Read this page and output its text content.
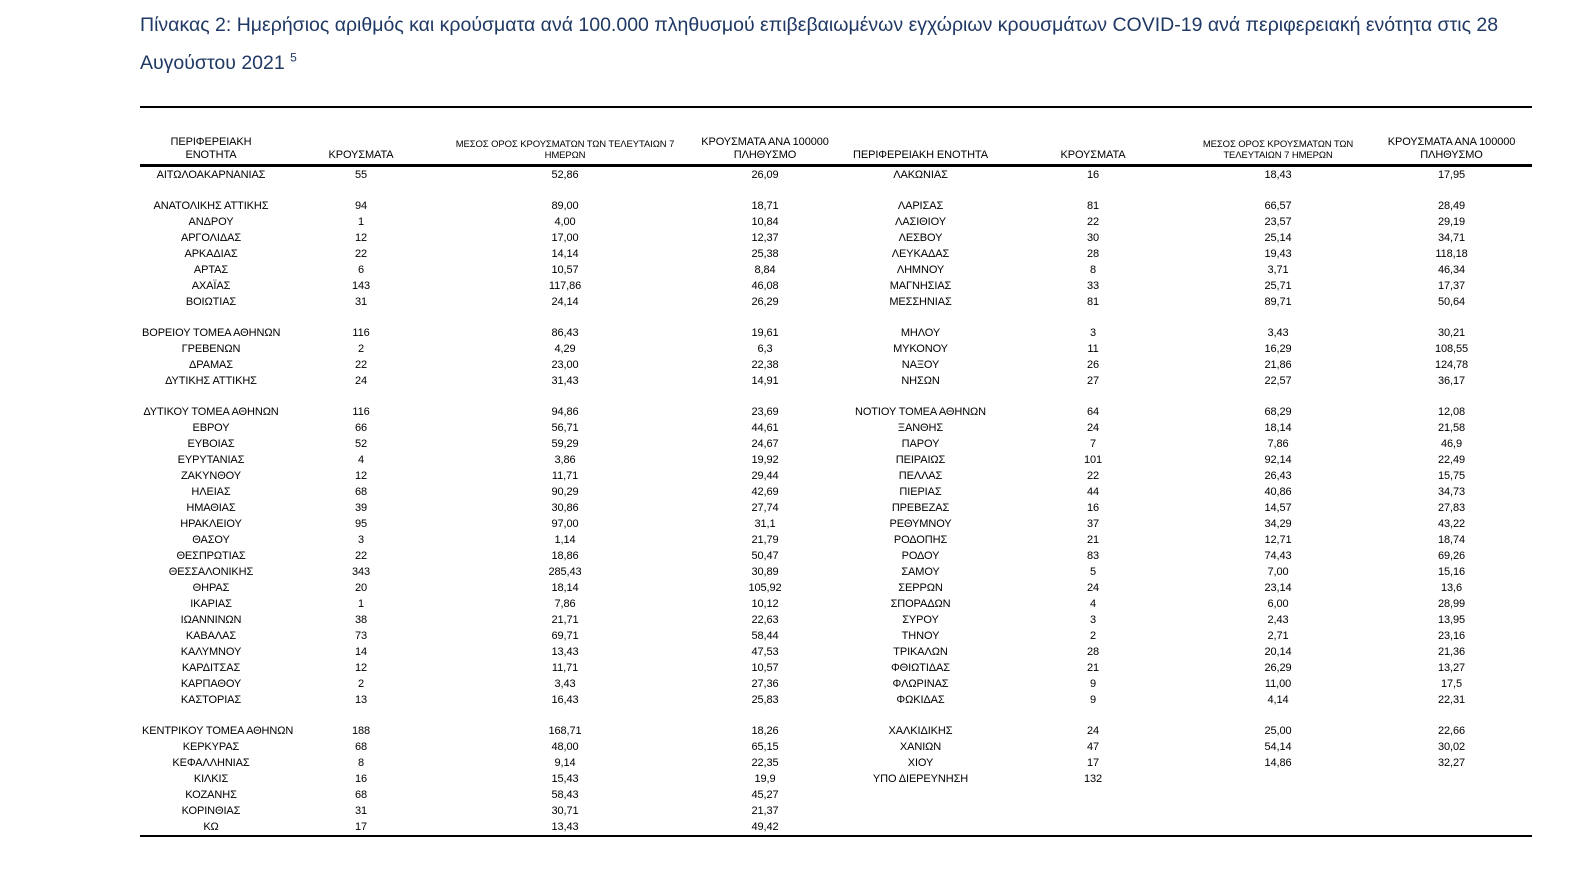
Πίνακας 2: Ημερήσιος αριθμός και κρούσματα ανά 100.000 πληθυσμού επιβεβαιωμένων εγχώριων κρουσμάτων COVID-19 ανά περιφερειακή ενότητα στις 28 Αυγούστου 2021 $^5$
ΠΕΡΙΦΕΡΕΙΑΚΗ ΕΝΟΤΗΤΑ	ΚΡΟΥΣΜΑΤΑ	ΜΕΣΟΣ ΟΡΟΣ ΚΡΟΥΣΜΑΤΩΝ ΤΩΝ ΤΕΛΕΥΤΑΙΩΝ 7 ΗΜΕΡΩΝ	ΚΡΟΥΣΜΑΤΑ ΑΝΑ 100000 ΠΛΗΘΥΣΜΟ	ΠΕΡΙΦΕΡΕΙΑΚΗ ΕΝΟΤΗΤΑ	ΚΡΟΥΣΜΑΤΑ	ΜΕΣΟΣ ΟΡΟΣ ΚΡΟΥΣΜΑΤΩΝ ΤΩΝ ΤΕΛΕΥΤΑΙΩΝ 7 ΗΜΕΡΩΝ	ΚΡΟΥΣΜΑΤΑ ΑΝΑ 100000 ΠΛΗΘΥΣΜΟ
ΑΙΤΩΛΟΑΚΑΡΝΑΝΙΑΣ	55	52,86	26,09	ΛΑΚΩΝΙΑΣ	16	18,43	17,95

ΑΝΑΤΟΛΙΚΗΣ ΑΤΤΙΚΗΣ	94	89,00	18,71	ΛΑΡΙΣΑΣ	81	66,57	28,49
ΑΝΔΡΟΥ	1	4,00	10,84	ΛΑΣΙΘΙΟΥ	22	23,57	29,19
ΑΡΓΟΛΙΔΑΣ	12	17,00	12,37	ΛΕΣΒΟΥ	30	25,14	34,71
ΑΡΚΑΔΙΑΣ	22	14,14	25,38	ΛΕΥΚΑΔΑΣ	28	19,43	118,18
ΑΡΤΑΣ	6	10,57	8,84	ΛΗΜΝΟΥ	8	3,71	46,34
ΑΧΑΪΑΣ	143	117,86	46,08	ΜΑΓΝΗΣΙΑΣ	33	25,71	17,37
ΒΟΙΩΤΙΑΣ	31	24,14	26,29	ΜΕΣΣΗΝΙΑΣ	81	89,71	50,64

ΒΟΡΕΙΟΥ ΤΟΜΕΑ ΑΘΗΝΩΝ	116	86,43	19,61	ΜΗΛΟΥ	3	3,43	30,21
ΓΡΕΒΕΝΩΝ	2	4,29	6,3	ΜΥΚΟΝΟΥ	11	16,29	108,55
ΔΡΑΜΑΣ	22	23,00	22,38	ΝΑΞΟΥ	26	21,86	124,78
ΔΥΤΙΚΗΣ ΑΤΤΙΚΗΣ	24	31,43	14,91	ΝΗΣΩΝ	27	22,57	36,17

ΔΥΤΙΚΟΥ ΤΟΜΕΑ ΑΘΗΝΩΝ	116	94,86	23,69	ΝΟΤΙΟΥ ΤΟΜΕΑ ΑΘΗΝΩΝ	64	68,29	12,08
ΕΒΡΟΥ	66	56,71	44,61	ΞΑΝΘΗΣ	24	18,14	21,58
ΕΥΒΟΙΑΣ	52	59,29	24,67	ΠΑΡΟΥ	7	7,86	46,9
ΕΥΡΥΤΑΝΙΑΣ	4	3,86	19,92	ΠΕΙΡΑΙΩΣ	101	92,14	22,49
ΖΑΚΥΝΘΟΥ	12	11,71	29,44	ΠΕΛΛΑΣ	22	26,43	15,75
ΗΛΕΙΑΣ	68	90,29	42,69	ΠΙΕΡΙΑΣ	44	40,86	34,73
ΗΜΑΘΙΑΣ	39	30,86	27,74	ΠΡΕΒΕΖΑΣ	16	14,57	27,83
ΗΡΑΚΛΕΙΟΥ	95	97,00	31,1	ΡΕΘΥΜΝΟΥ	37	34,29	43,22
ΘΑΣΟΥ	3	1,14	21,79	ΡΟΔΟΠΗΣ	21	12,71	18,74
ΘΕΣΠΡΩΤΙΑΣ	22	18,86	50,47	ΡΟΔΟΥ	83	74,43	69,26
ΘΕΣΣΑΛΟΝΙΚΗΣ	343	285,43	30,89	ΣΑΜΟΥ	5	7,00	15,16
ΘΗΡΑΣ	20	18,14	105,92	ΣΕΡΡΩΝ	24	23,14	13,6
ΙΚΑΡΙΑΣ	1	7,86	10,12	ΣΠΟΡΑΔΩΝ	4	6,00	28,99
ΙΩΑΝΝΙΝΩΝ	38	21,71	22,63	ΣΥΡΟΥ	3	2,43	13,95
ΚΑΒΑΛΑΣ	73	69,71	58,44	ΤΗΝΟΥ	2	2,71	23,16
ΚΑΛΥΜΝΟΥ	14	13,43	47,53	ΤΡΙΚΑΛΩΝ	28	20,14	21,36
ΚΑΡΔΙΤΣΑΣ	12	11,71	10,57	ΦΘΙΩΤΙΔΑΣ	21	26,29	13,27
ΚΑΡΠΑΘΟΥ	2	3,43	27,36	ΦΛΩΡΙΝΑΣ	9	11,00	17,5
ΚΑΣΤΟΡΙΑΣ	13	16,43	25,83	ΦΩΚΙΔΑΣ	9	4,14	22,31

ΚΕΝΤΡΙΚΟΥ ΤΟΜΕΑ ΑΘΗΝΩΝ	188	168,71	18,26	ΧΑΛΚΙΔΙΚΗΣ	24	25,00	22,66
ΚΕΡΚΥΡΑΣ	68	48,00	65,15	ΧΑΝΙΩΝ	47	54,14	30,02
ΚΕΦΑΛΛΗΝΙΑΣ	8	9,14	22,35	ΧΙΟΥ	17	14,86	32,27
ΚΙΛΚΙΣ	16	15,43	19,9	ΥΠΟ ΔΙΕΡΕΥΝΗΣΗ	132		
ΚΟΖΑΝΗΣ	68	58,43	45,27				
ΚΟΡΙΝΘΙΑΣ	31	30,71	21,37				
ΚΩ	17	13,43	49,42				
